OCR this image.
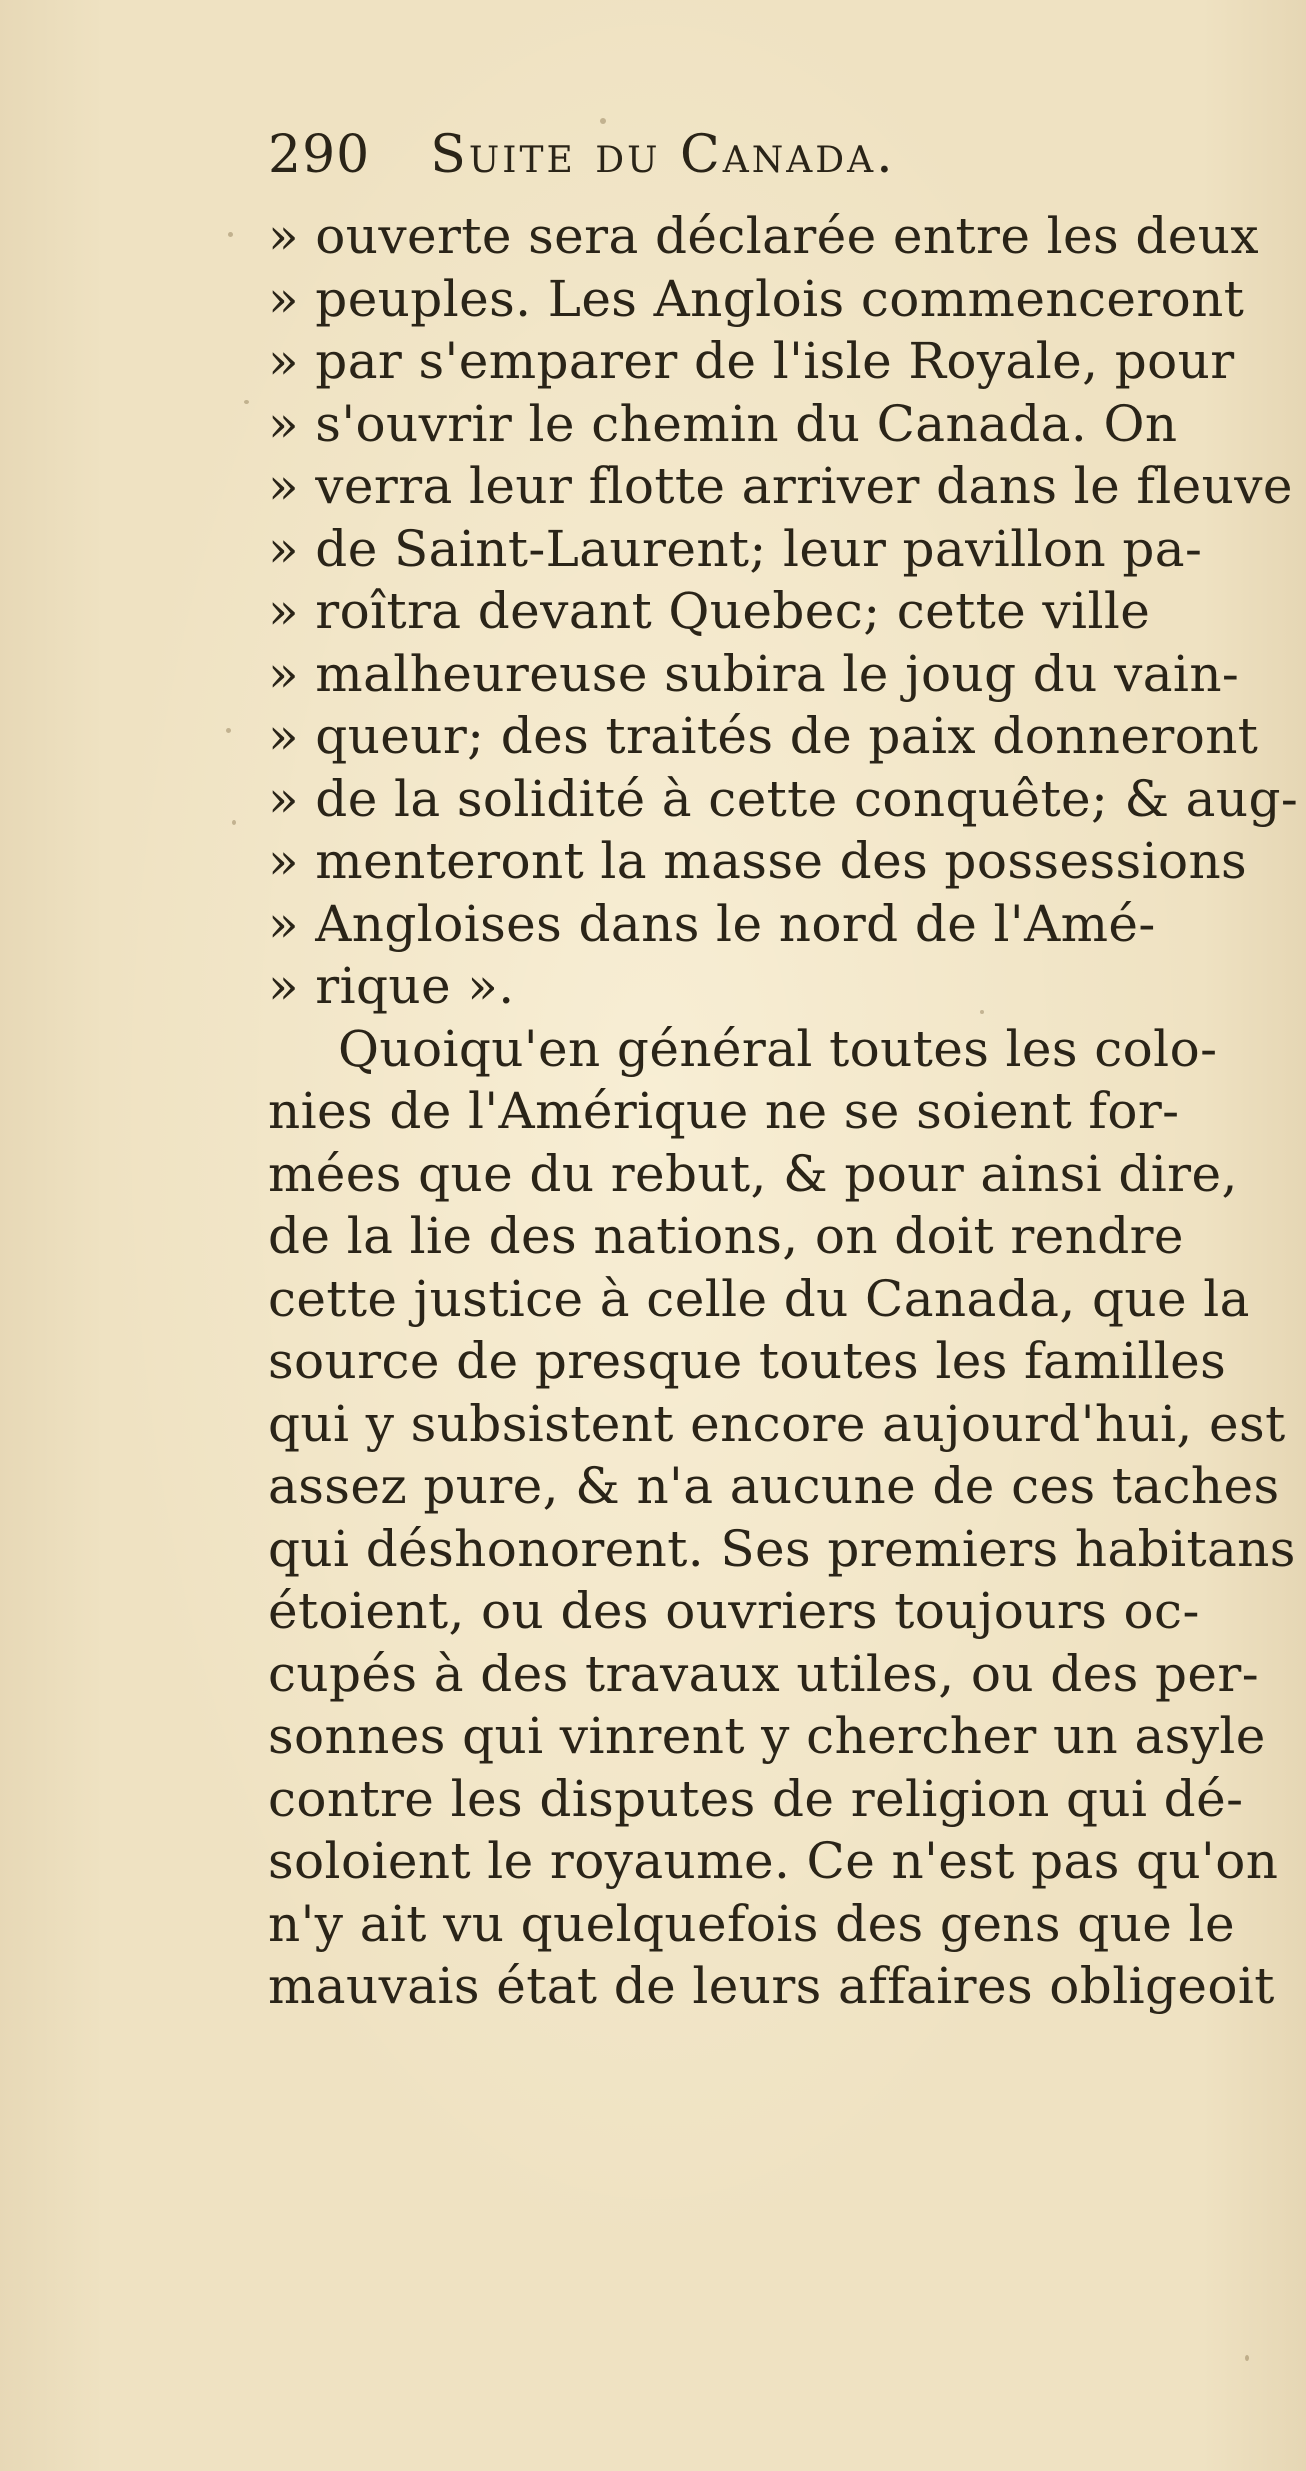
290 Suite du Canada.
» ouverte sera déclarée entre les deux
» peuples. Les Anglois commenceront
» par s'emparer de l'isle Royale, pour
» s'ouvrir le chemin du Canada. On
» verra leur flotte arriver dans le fleuve
» de Saint-Laurent; leur pavillon pa-
» roîtra devant Quebec; cette ville
» malheureuse subira le joug du vain-
» queur; des traités de paix donneront
» de la solidité à cette conquête; & aug-
» menteront la masse des possessions
» Angloises dans le nord de l'Amé-
» rique ».
Quoiqu'en général toutes les colo-
nies de l'Amérique ne se soient for-
mées que du rebut, & pour ainsi dire,
de la lie des nations, on doit rendre
cette justice à celle du Canada, que la
source de presque toutes les familles
qui y subsistent encore aujourd'hui, est
assez pure, & n'a aucune de ces taches
qui déshonorent. Ses premiers habitans
étoient, ou des ouvriers toujours oc-
cupés à des travaux utiles, ou des per-
sonnes qui vinrent y chercher un asyle
contre les disputes de religion qui dé-
soloient le royaume. Ce n'est pas qu'on
n'y ait vu quelquefois des gens que le
mauvais état de leurs affaires obligeoit
